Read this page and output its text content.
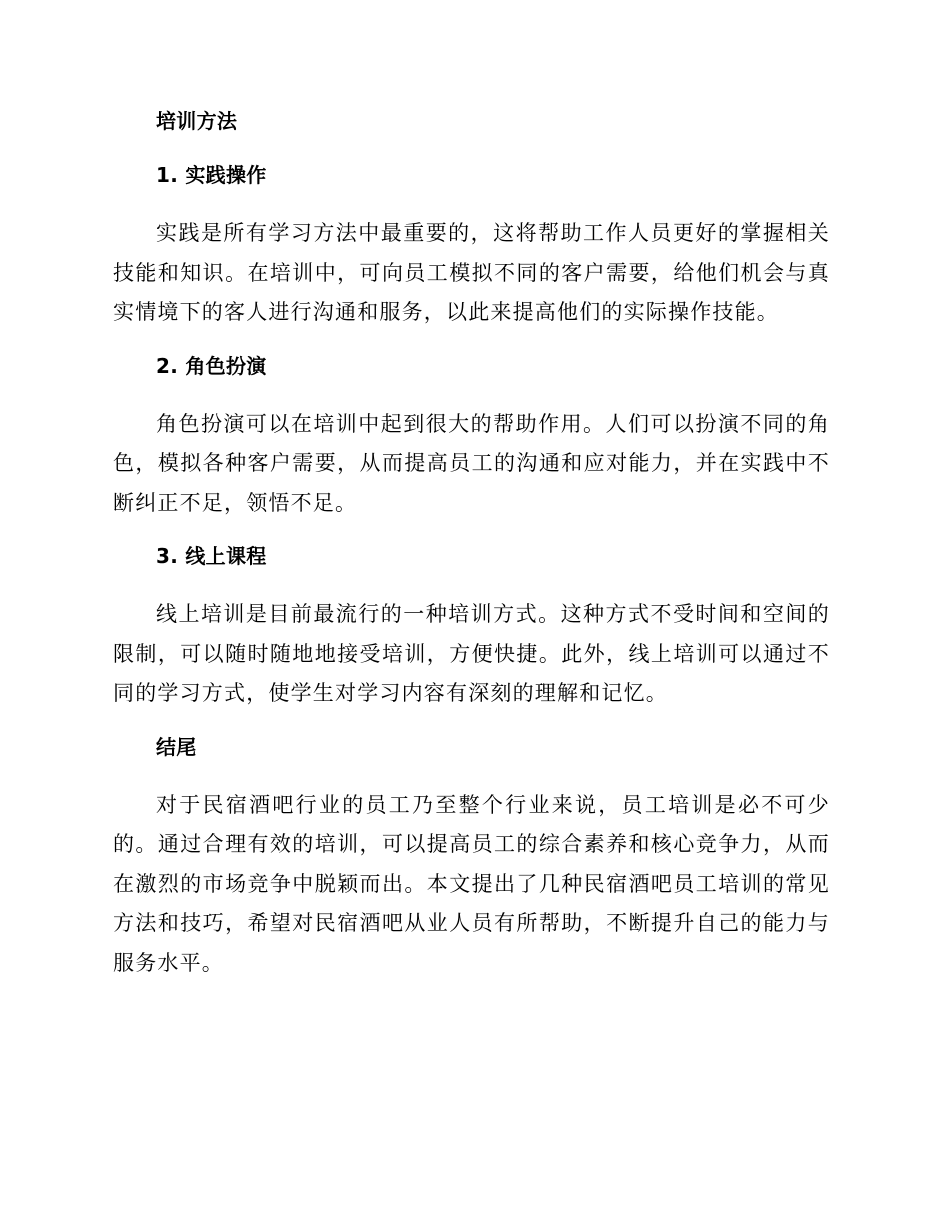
培训方法
1. 实践操作

实践是所有学习方法中最重要的，这将帮助工作人员更好的掌握相关技能和知识。在培训中，可向员工模拟不同的客户需要，给他们机会与真实情境下的客人进行沟通和服务，以此来提高他们的实际操作技能。

2. 角色扮演

角色扮演可以在培训中起到很大的帮助作用。人们可以扮演不同的角色，模拟各种客户需要，从而提高员工的沟通和应对能力，并在实践中不断纠正不足，领悟不足。

3. 线上课程

线上培训是目前最流行的一种培训方式。这种方式不受时间和空间的限制，可以随时随地地接受培训，方便快捷。此外，线上培训可以通过不同的学习方式，使学生对学习内容有深刻的理解和记忆。

结尾

对于民宿酒吧行业的员工乃至整个行业来说，员工培训是必不可少的。通过合理有效的培训，可以提高员工的综合素养和核心竞争力，从而在激烈的市场竞争中脱颖而出。本文提出了几种民宿酒吧员工培训的常见方法和技巧，希望对民宿酒吧从业人员有所帮助，不断提升自己的能力与服务水平。
